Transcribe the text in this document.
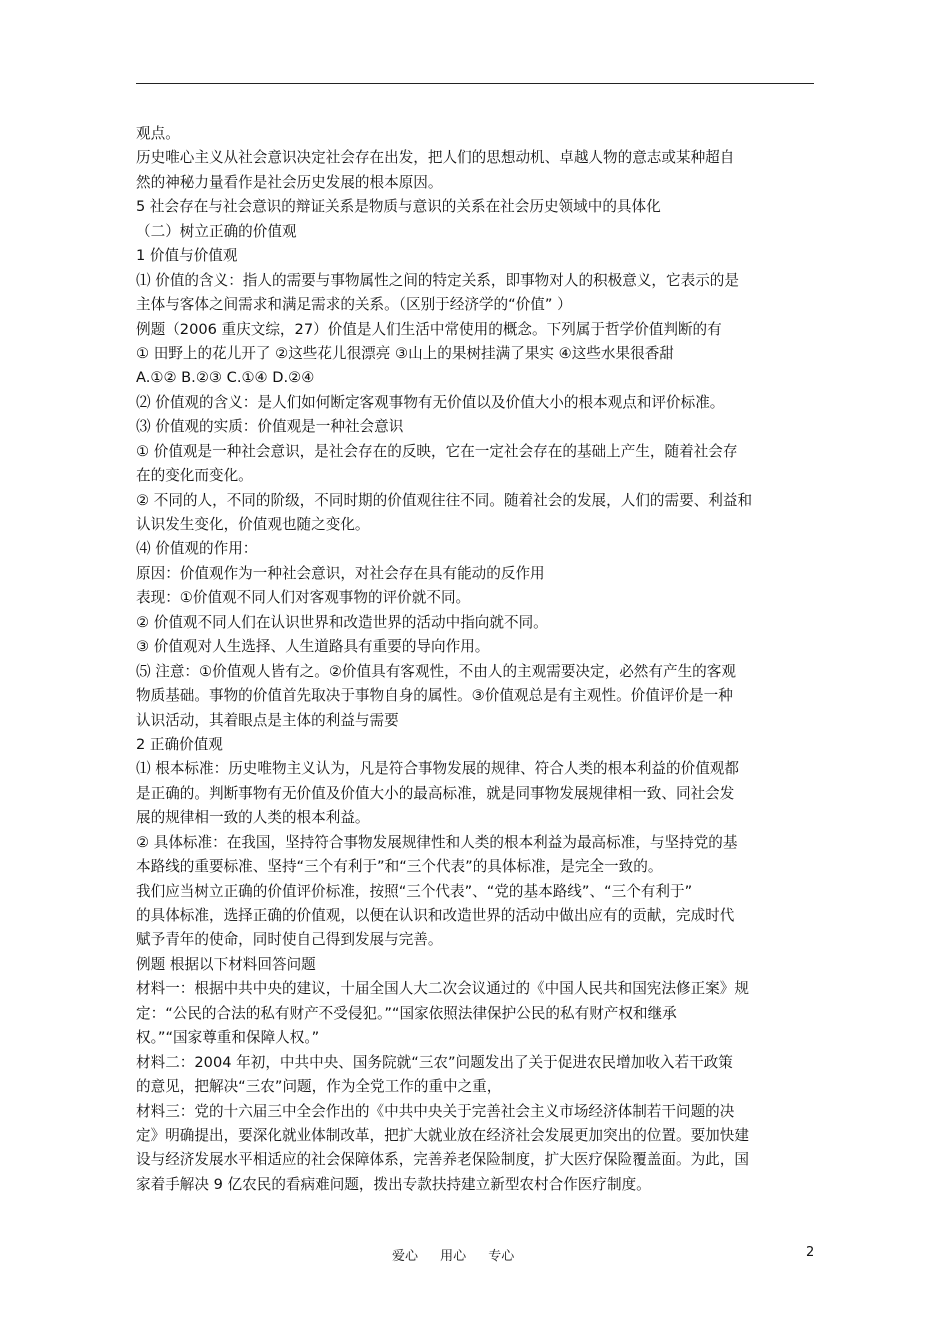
观点。
历史唯心主义从社会意识决定社会存在出发，把人们的思想动机、卓越人物的意志或某种超自
然的神秘力量看作是社会历史发展的根本原因。
5 社会存在与社会意识的辩证关系是物质与意识的关系在社会历史领域中的具体化
（二）树立正确的价值观
1 价值与价值观
⑴ 价值的含义：指人的需要与事物属性之间的特定关系，即事物对人的积极意义，它表示的是
主体与客体之间需求和满足需求的关系。（区别于经济学的“价值” ）
例题（2006 重庆文综，27）价值是人们生活中常使用的概念。下列属于哲学价值判断的有
① 田野上的花儿开了 ②这些花儿很漂亮 ③山上的果树挂满了果实 ④这些水果很香甜
A.①② B.②③ C.①④ D.②④
⑵ 价值观的含义：是人们如何断定客观事物有无价值以及价值大小的根本观点和评价标准。
⑶ 价值观的实质：价值观是一种社会意识
① 价值观是一种社会意识，是社会存在的反映，它在一定社会存在的基础上产生，随着社会存
在的变化而变化。
② 不同的人，不同的阶级，不同时期的价值观往往不同。随着社会的发展，人们的需要、利益和
认识发生变化，价值观也随之变化。
⑷ 价值观的作用：
原因：价值观作为一种社会意识，对社会存在具有能动的反作用
表现：①价值观不同人们对客观事物的评价就不同。
② 价值观不同人们在认识世界和改造世界的活动中指向就不同。
③ 价值观对人生选择、人生道路具有重要的导向作用。
⑸ 注意：①价值观人皆有之。②价值具有客观性，不由人的主观需要决定，必然有产生的客观
物质基础。事物的价值首先取决于事物自身的属性。③价值观总是有主观性。价值评价是一种
认识活动，其着眼点是主体的利益与需要
2 正确价值观
⑴ 根本标准：历史唯物主义认为，凡是符合事物发展的规律、符合人类的根本利益的价值观都
是正确的。判断事物有无价值及价值大小的最高标准，就是同事物发展规律相一致、同社会发
展的规律相一致的人类的根本利益。
② 具体标准：在我国，坚持符合事物发展规律性和人类的根本利益为最高标准，与坚持党的基
本路线的重要标准、坚持“三个有利于”和“三个代表”的具体标准，是完全一致的。
我们应当树立正确的价值评价标准，按照“三个代表”、“党的基本路线”、“三个有利于”
的具体标准，选择正确的价值观，以便在认识和改造世界的活动中做出应有的贡献，完成时代
赋予青年的使命，同时使自己得到发展与完善。
例题 根据以下材料回答问题
材料一：根据中共中央的建议，十届全国人大二次会议通过的《中国人民共和国宪法修正案》规
定：“公民的合法的私有财产不受侵犯。”“国家依照法律保护公民的私有财产权和继承
权。”“国家尊重和保障人权。”
材料二：2004 年初，中共中央、国务院就“三农”问题发出了关于促进农民增加收入若干政策
的意见，把解决“三农”问题，作为全党工作的重中之重，
材料三：党的十六届三中全会作出的《中共中央关于完善社会主义市场经济体制若干问题的决
定》明确提出，要深化就业体制改革，把扩大就业放在经济社会发展更加突出的位置。要加快建
设与经济发展水平相适应的社会保障体系，完善养老保险制度，扩大医疗保险覆盖面。为此，国
家着手解决 9 亿农民的看病难问题，拨出专款扶持建立新型农村合作医疗制度。
爱心 用心 专心	2
